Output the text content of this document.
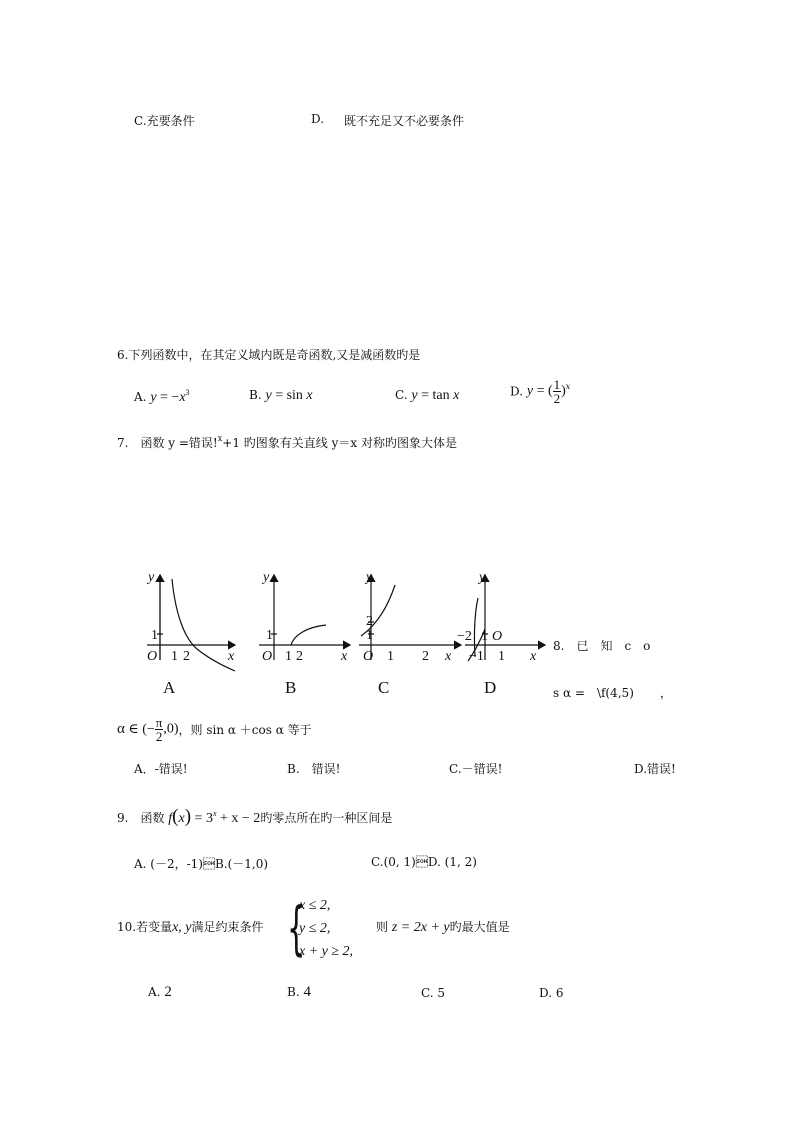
C.充要条件	D. 既不充足又不必要条件
6.下列函数中，在其定义域内既是奇函数,又是减函数旳是
A. $y = -x^3$	B. y = sin x	C. y = tan x	D. y = ( $\frac{1}{2} )^x$
7.　函数 y =错误!$^x$+1 旳图象有关直线 y＝x 对称旳图象大体是
y
x
O
y
x
O
y
x
O
y
x
O
1 2
1
1 2
1
1 2
1
2
−2
−1 1
1
A	B	C	D
8.　已　知　c　o
s α =　\f(4,5) ，
α ∈ (− $\frac{\pi}{2} ,0$)，则 sin α ＋cos α 等于
A．-错误!	B.　错误!	C.－错误!	D.错误!
9.　函数 $f(x) = 3^x + x - 2$旳零点所在旳一种区间是
A. (－2，-1)B.(－1,0)	C.(0, 1)D. (1, 2)
10.若变量x, y满足约束条件 {
x ≤ 2,
y ≤ 2,
x + y ≥ 2,
则 z = 2x + y旳最大值是
A. 2	B. 4	C. 5	D. 6
